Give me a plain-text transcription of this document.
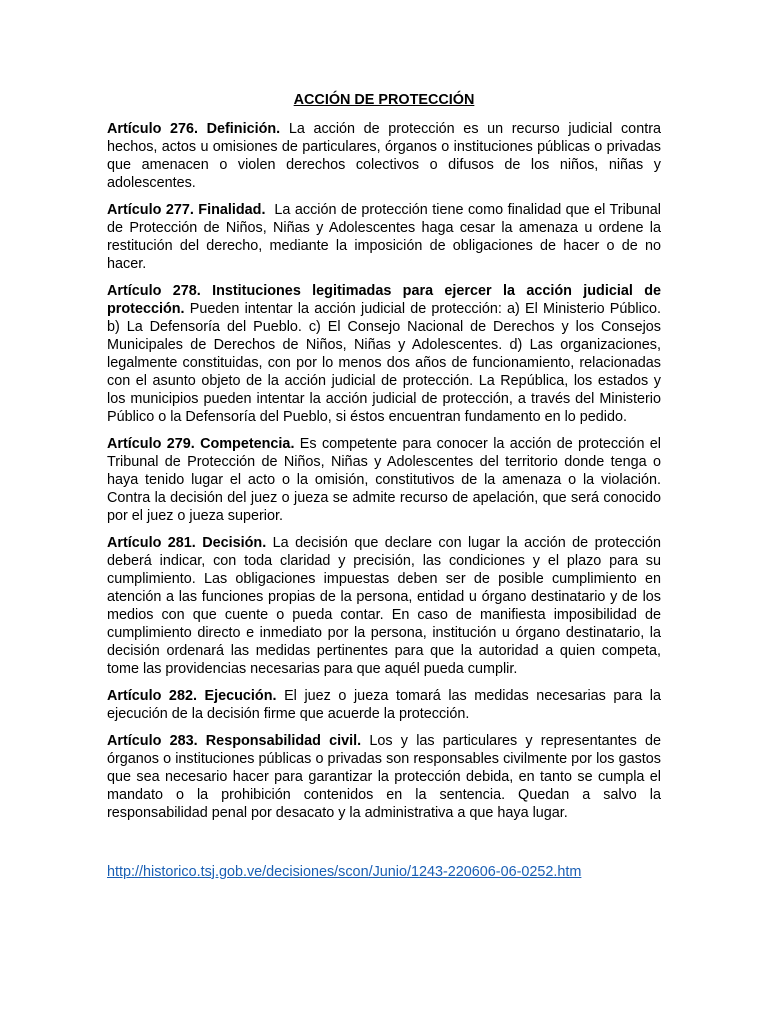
ACCIÓN DE PROTECCIÓN

Artículo 276. Definición. La acción de protección es un recurso judicial contra hechos, actos u omisiones de particulares, órganos o instituciones públicas o privadas que amenacen o violen derechos colectivos o difusos de los niños, niñas y adolescentes.

Artículo 277. Finalidad. La acción de protección tiene como finalidad que el Tribunal de Protección de Niños, Niñas y Adolescentes haga cesar la amenaza u ordene la restitución del derecho, mediante la imposición de obligaciones de hacer o de no hacer.

Artículo 278. Instituciones legitimadas para ejercer la acción judicial de protección. Pueden intentar la acción judicial de protección: a) El Ministerio Público. b) La Defensoría del Pueblo. c) El Consejo Nacional de Derechos y los Consejos Municipales de Derechos de Niños, Niñas y Adolescentes. d) Las organizaciones, legalmente constituidas, con por lo menos dos años de funcionamiento, relacionadas con el asunto objeto de la acción judicial de protección. La República, los estados y los municipios pueden intentar la acción judicial de protección, a través del Ministerio Público o la Defensoría del Pueblo, si éstos encuentran fundamento en lo pedido.

Artículo 279. Competencia. Es competente para conocer la acción de protección el Tribunal de Protección de Niños, Niñas y Adolescentes del territorio donde tenga o haya tenido lugar el acto o la omisión, constitutivos de la amenaza o la violación. Contra la decisión del juez o jueza se admite recurso de apelación, que será conocido por el juez o jueza superior.

Artículo 281. Decisión. La decisión que declare con lugar la acción de protección deberá indicar, con toda claridad y precisión, las condiciones y el plazo para su cumplimiento. Las obligaciones impuestas deben ser de posible cumplimiento en atención a las funciones propias de la persona, entidad u órgano destinatario y de los medios con que cuente o pueda contar. En caso de manifiesta imposibilidad de cumplimiento directo e inmediato por la persona, institución u órgano destinatario, la decisión ordenará las medidas pertinentes para que la autoridad a quien competa, tome las providencias necesarias para que aquél pueda cumplir.

Artículo 282. Ejecución. El juez o jueza tomará las medidas necesarias para la ejecución de la decisión firme que acuerde la protección.

Artículo 283. Responsabilidad civil. Los y las particulares y representantes de órganos o instituciones públicas o privadas son responsables civilmente por los gastos que sea necesario hacer para garantizar la protección debida, en tanto se cumpla el mandato o la prohibición contenidos en la sentencia. Quedan a salvo la responsabilidad penal por desacato y la administrativa a que haya lugar.

http://historico.tsj.gob.ve/decisiones/scon/Junio/1243-220606-06-0252.htm
